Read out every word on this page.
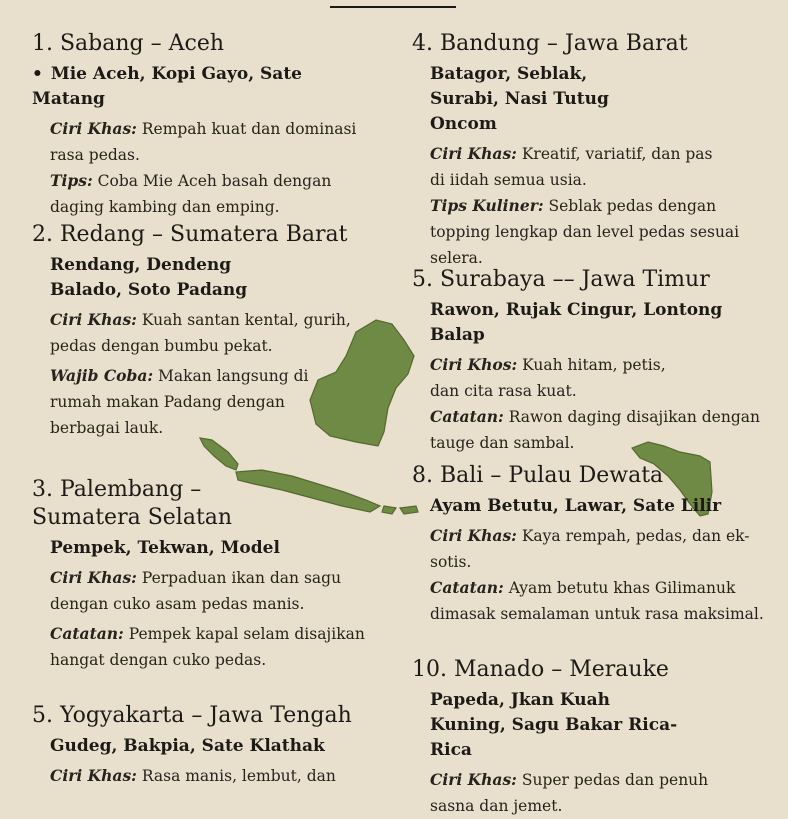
1. Sabang – Aceh
• Mie Aceh, Kopi Gayo, Sate Matang
Ciri Khas: Rempah kuat dan dominasi rasa pedas.
Tips: Coba Mie Aceh basah dengan daging kambing dan emping.
2. Redang – Sumatera Barat
Rendang, Dendeng Balado, Soto Padang
Ciri Khas: Kuah santan kental, gurih, pedas dengan bumbu pekat.
Wajib Coba: Makan langsung di rumah makan Padang dengan berbagai lauk.
3. Palembang – Sumatera Selatan
Pempek, Tekwan, Model
Ciri Khas: Perpaduan ikan dan sagu dengan cuko asam pedas manis.
Catatan: Pempek kapal selam disajikan hangat dengan cuko pedas.
5. Yogyakarta – Jawa Tengah
Gudeg, Bakpia, Sate Klathak
Ciri Khas: Rasa manis, lembut, dan
4. Bandung – Jawa Barat
Batagor, Seblak, Surabi, Nasi Tutug Oncom
Ciri Khas: Kreatif, variatif, dan pas di iidah semua usia.
Tips Kuliner: Seblak pedas dengan topping lengkap dan level pedas sesuai selera.
5. Surabaya –– Jawa Timur
Rawon, Rujak Cingur, Lontong Balap
Ciri Khos: Kuah hitam, petis, dan cita rasa kuat.
Catatan: Rawon daging disajikan dengan tauge dan sambal.
8. Bali – Pulau Dewata
Ayam Betutu, Lawar, Sate Lilir
Ciri Khas: Kaya rempah, pedas, dan ek-sotis.
Catatan: Ayam betutu khas Gilimanuk dimasak semalaman untuk rasa maksimal.
10. Manado – Merauke
Papeda, Jkan Kuah Kuning, Sagu Bakar Rica-Rica
Ciri Khas: Super pedas dan penuh sasna dan jemet.
